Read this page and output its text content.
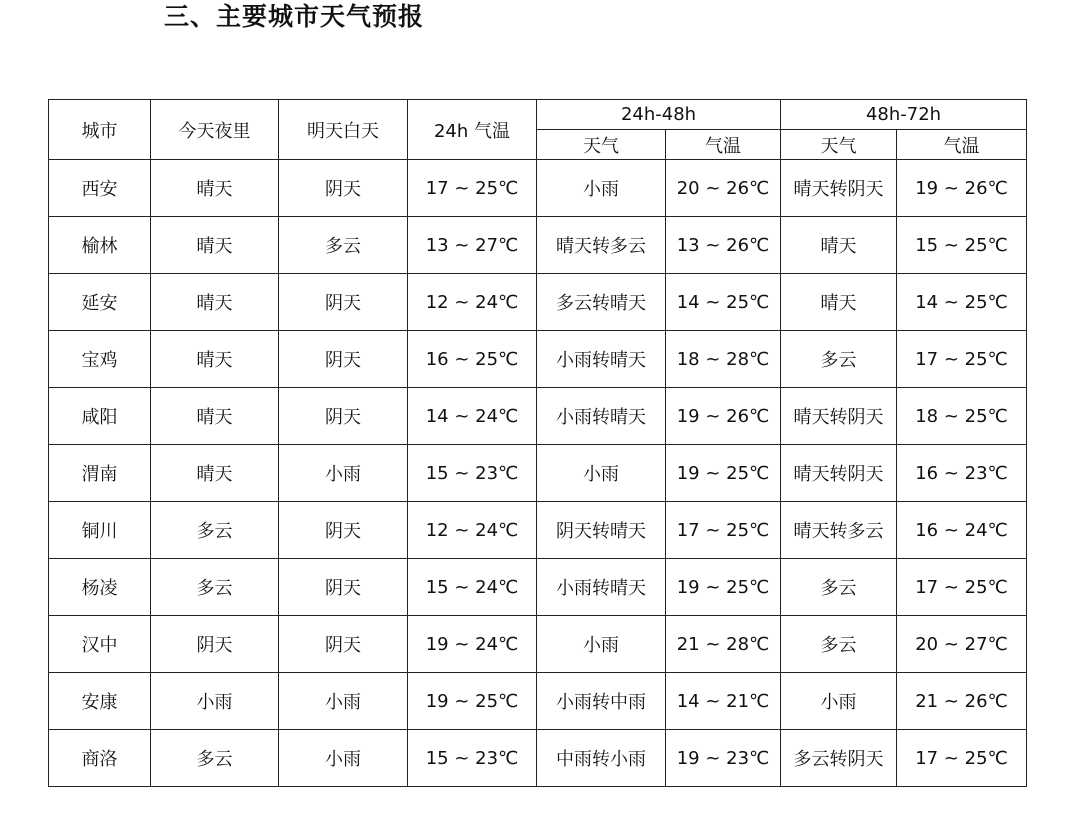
三、主要城市天气预报
城市	今天夜里	明天白天	24h 气温	24h-48h		48h-72h	
				天气	气温	天气	气温
西安	晴天	阴天	17 ~ 25℃	小雨	20 ~ 26℃	晴天转阴天	19 ~ 26℃
榆林	晴天	多云	13 ~ 27℃	晴天转多云	13 ~ 26℃	晴天	15 ~ 25℃
延安	晴天	阴天	12 ~ 24℃	多云转晴天	14 ~ 25℃	晴天	14 ~ 25℃
宝鸡	晴天	阴天	16 ~ 25℃	小雨转晴天	18 ~ 28℃	多云	17 ~ 25℃
咸阳	晴天	阴天	14 ~ 24℃	小雨转晴天	19 ~ 26℃	晴天转阴天	18 ~ 25℃
渭南	晴天	小雨	15 ~ 23℃	小雨	19 ~ 25℃	晴天转阴天	16 ~ 23℃
铜川	多云	阴天	12 ~ 24℃	阴天转晴天	17 ~ 25℃	晴天转多云	16 ~ 24℃
杨凌	多云	阴天	15 ~ 24℃	小雨转晴天	19 ~ 25℃	多云	17 ~ 25℃
汉中	阴天	阴天	19 ~ 24℃	小雨	21 ~ 28℃	多云	20 ~ 27℃
安康	小雨	小雨	19 ~ 25℃	小雨转中雨	14 ~ 21℃	小雨	21 ~ 26℃
商洛	多云	小雨	15 ~ 23℃	中雨转小雨	19 ~ 23℃	多云转阴天	17 ~ 25℃
